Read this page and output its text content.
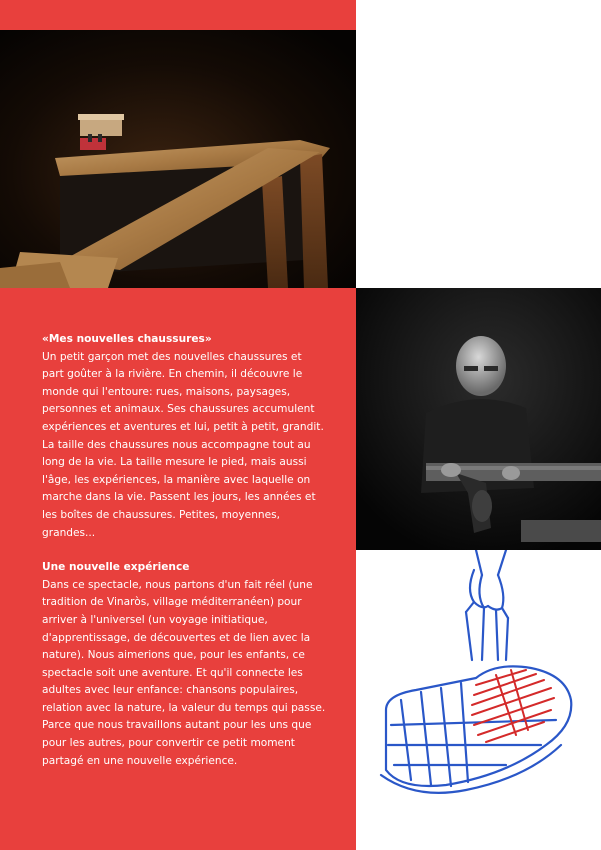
«Mes nouvelles chaussures»

Un petit garçon met des nouvelles chaussures et part goûter à la rivière. En chemin, il découvre le monde qui l'entoure: rues, maisons, paysages, personnes et animaux. Ses chaussures accumulent expériences et aventures et lui, petit à petit, grandit.

La taille des chaussures nous accompagne tout au long de la vie. La taille mesure le pied, mais aussi l'âge, les expériences, la manière avec laquelle on marche dans la vie. Passent les jours, les années et les boîtes de chaussures. Petites, moyennes, grandes...

Une nouvelle expérience

Dans ce spectacle, nous partons d'un fait réel (une tradition de Vinaròs, village méditerranéen) pour arriver à l'universel (un voyage initiatique, d'apprentissage, de découvertes et de lien avec la nature). Nous aimerions que, pour les enfants, ce spectacle soit une aventure. Et qu'il connecte les adultes avec leur enfance: chansons populaires, relation avec la nature, la valeur du temps qui passe. Parce que nous travaillons autant pour les uns que pour les autres, pour convertir ce petit moment partagé en une nouvelle expérience.
